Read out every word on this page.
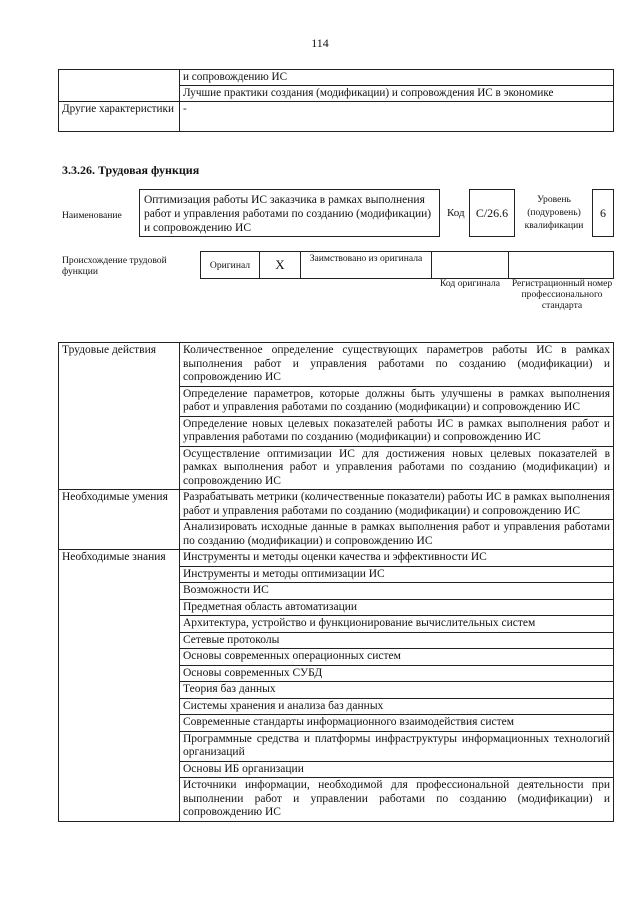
114
	и сопровождению ИС
	Лучшие практики создания (модификации) и сопровождения ИС в экономике
Другие характеристики	-
3.3.26. Трудовая функция
Наименование
Оптимизация работы ИС заказчика в рамках выполнения работ и управления работами по созданию (модификации) и сопровождению ИС
Код С/26.6
Уровень (подуровень) квалификации
6
Происхождение трудовой функции
Оригинал	Х	Заимствовано из оригинала
Код оригинала Регистрационный номер профессионального стандарта
Трудовые действия	Количественное определение существующих параметров работы ИС в рамках выполнения работ и управления работами по созданию (модификации) и сопровождению ИС
	Определение параметров, которые должны быть улучшены в рамках выполнения работ и управления работами по созданию (модификации) и сопровождению ИС
	Определение новых целевых показателей работы ИС в рамках выполнения работ и управления работами по созданию (модификации) и сопровождению ИС
	Осуществление оптимизации ИС для достижения новых целевых показателей в рамках выполнения работ и управления работами по созданию (модификации) и сопровождению ИС
Необходимые умения	Разрабатывать метрики (количественные показатели) работы ИС в рамках выполнения работ и управления работами по созданию (модификации) и сопровождению ИС
	Анализировать исходные данные в рамках выполнения работ и управления работами по созданию (модификации) и сопровождению ИС
Необходимые знания	Инструменты и методы оценки качества и эффективности ИС
	Инструменты и методы оптимизации ИС
	Возможности ИС
	Предметная область автоматизации
	Архитектура, устройство и функционирование вычислительных систем
	Сетевые протоколы
	Основы современных операционных систем
	Основы современных СУБД
	Теория баз данных
	Системы хранения и анализа баз данных
	Современные стандарты информационного взаимодействия систем
	Программные средства и платформы инфраструктуры информационных технологий организаций
	Основы ИБ организации
	Источники информации, необходимой для профессиональной деятельности при выполнении работ и управлении работами по созданию (модификации) и сопровождению ИС
